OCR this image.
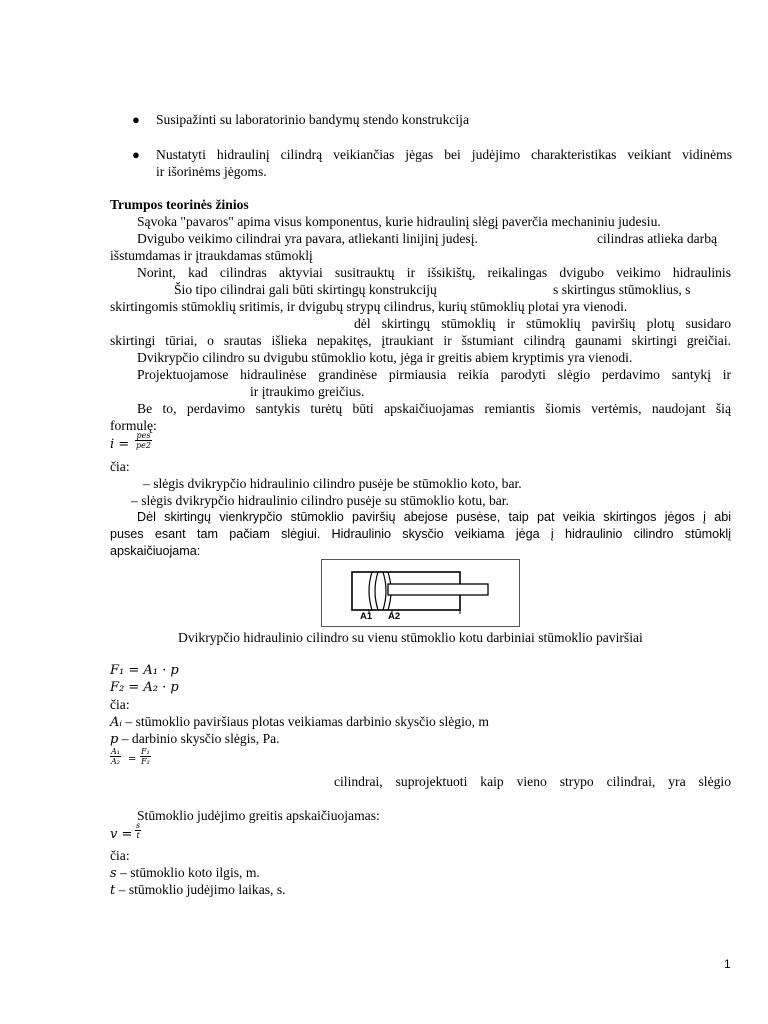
● Susipažinti su laboratorinio bandymų stendo konstrukcija
● Nustatyti hidraulinį cilindrą veikiančias jėgas bei judėjimo charakteristikas veikiant vidinėms
ir išorinėms jėgoms.
Trumpos teorinės žinios
Sąvoka "pavaros" apima visus komponentus, kurie hidraulinį slėgį paverčia mechaniniu judesiu.
Dvigubo veikimo cilindrai yra pavara, atliekanti linijinį judesį.	cilindras atlieka darbą
išstumdamas ir įtraukdamas stūmoklį
Norint, kad cilindras aktyviai susitrauktų ir išsikištų, reikalingas dvigubo veikimo hidraulinis
Šio tipo cilindrai gali būti skirtingų konstrukcijų	s skirtingus stūmoklius, s
skirtingomis stūmoklių sritimis, ir dvigubų strypų cilindrus, kurių stūmoklių plotai yra vienodi.
dėl skirtingų stūmoklių ir stūmoklių paviršių plotų susidaro
skirtingi tūriai, o srautas išlieka nepakitęs, įtraukiant ir šstumiant cilindrą gaunami skirtingi greičiai.
Dvikrypčio cilindro su dvigubu stūmoklio kotu, jėga ir greitis abiem kryptimis yra vienodi.
Projektuojamose hidraulinėse grandinėse pirmiausia reikia parodyti slėgio perdavimo santykį ir
ir įtraukimo greičius.
Be to, perdavimo santykis turėtų būti apskaičiuojamas remiantis šiomis vertėmis, naudojant šią
formulę:
i =
pes
pe2
čia:
– slėgis dvikrypčio hidraulinio cilindro pusėje be stūmoklio koto, bar.
– slėgis dvikrypčio hidraulinio cilindro pusėje su stūmoklio kotu, bar.
Dėl skirtingų vienkrypčio stūmoklio paviršių abejose pusėse, taip pat veikia skirtingos jėgos į abi
puses esant tam pačiam slėgiui. Hidraulinio skysčio veikiama jėga į hidraulinio cilindro stūmoklį
apskaičiuojama:
A1 A2
Dvikrypčio hidraulinio cilindro su vienu stūmoklio kotu darbiniai stūmoklio paviršiai
F₁ = A₁ · p
F₂ = A₂ · p
čia:
Aᵢ – stūmoklio paviršiaus plotas veikiamas darbinio skysčio slėgio, m
p – darbinio skysčio slėgis, Pa.
$\frac{\text{A₁}}{\text{A₂}} = \frac{\text{F₁}}{\text{F₂}}$
cilindrai, suprojektuoti kaip vieno strypo cilindrai, yra slėgio
Stūmoklio judėjimo greitis apskaičiuojamas:
$v = \frac{s}{t}$
čia:
s – stūmoklio koto ilgis, m.
t – stūmoklio judėjimo laikas, s.
1
